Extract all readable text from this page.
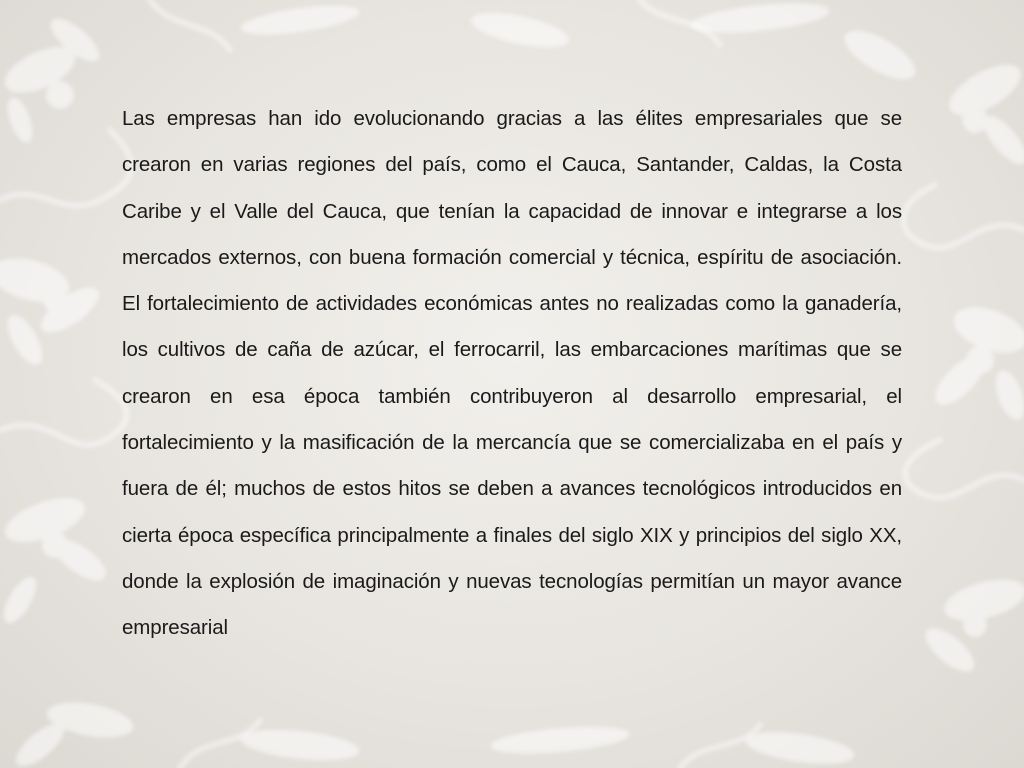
Las empresas han ido evolucionando gracias a las élites empresariales que se crearon en varias regiones del país, como el Cauca, Santander, Caldas, la Costa Caribe y el Valle del Cauca, que tenían la capacidad de innovar e integrarse a los mercados externos, con buena formación comercial y técnica, espíritu de asociación. El fortalecimiento de actividades económicas antes no realizadas como la ganadería, los cultivos de caña de azúcar, el ferrocarril, las embarcaciones marítimas que se crearon en esa época también contribuyeron al desarrollo empresarial, el fortalecimiento y la masificación de la mercancía que se comercializaba en el país y fuera de él; muchos de estos hitos se deben a avances tecnológicos introducidos en cierta época específica principalmente a finales del siglo XIX y principios del siglo XX, donde la explosión de imaginación y nuevas tecnologías permitían un mayor avance empresarial
